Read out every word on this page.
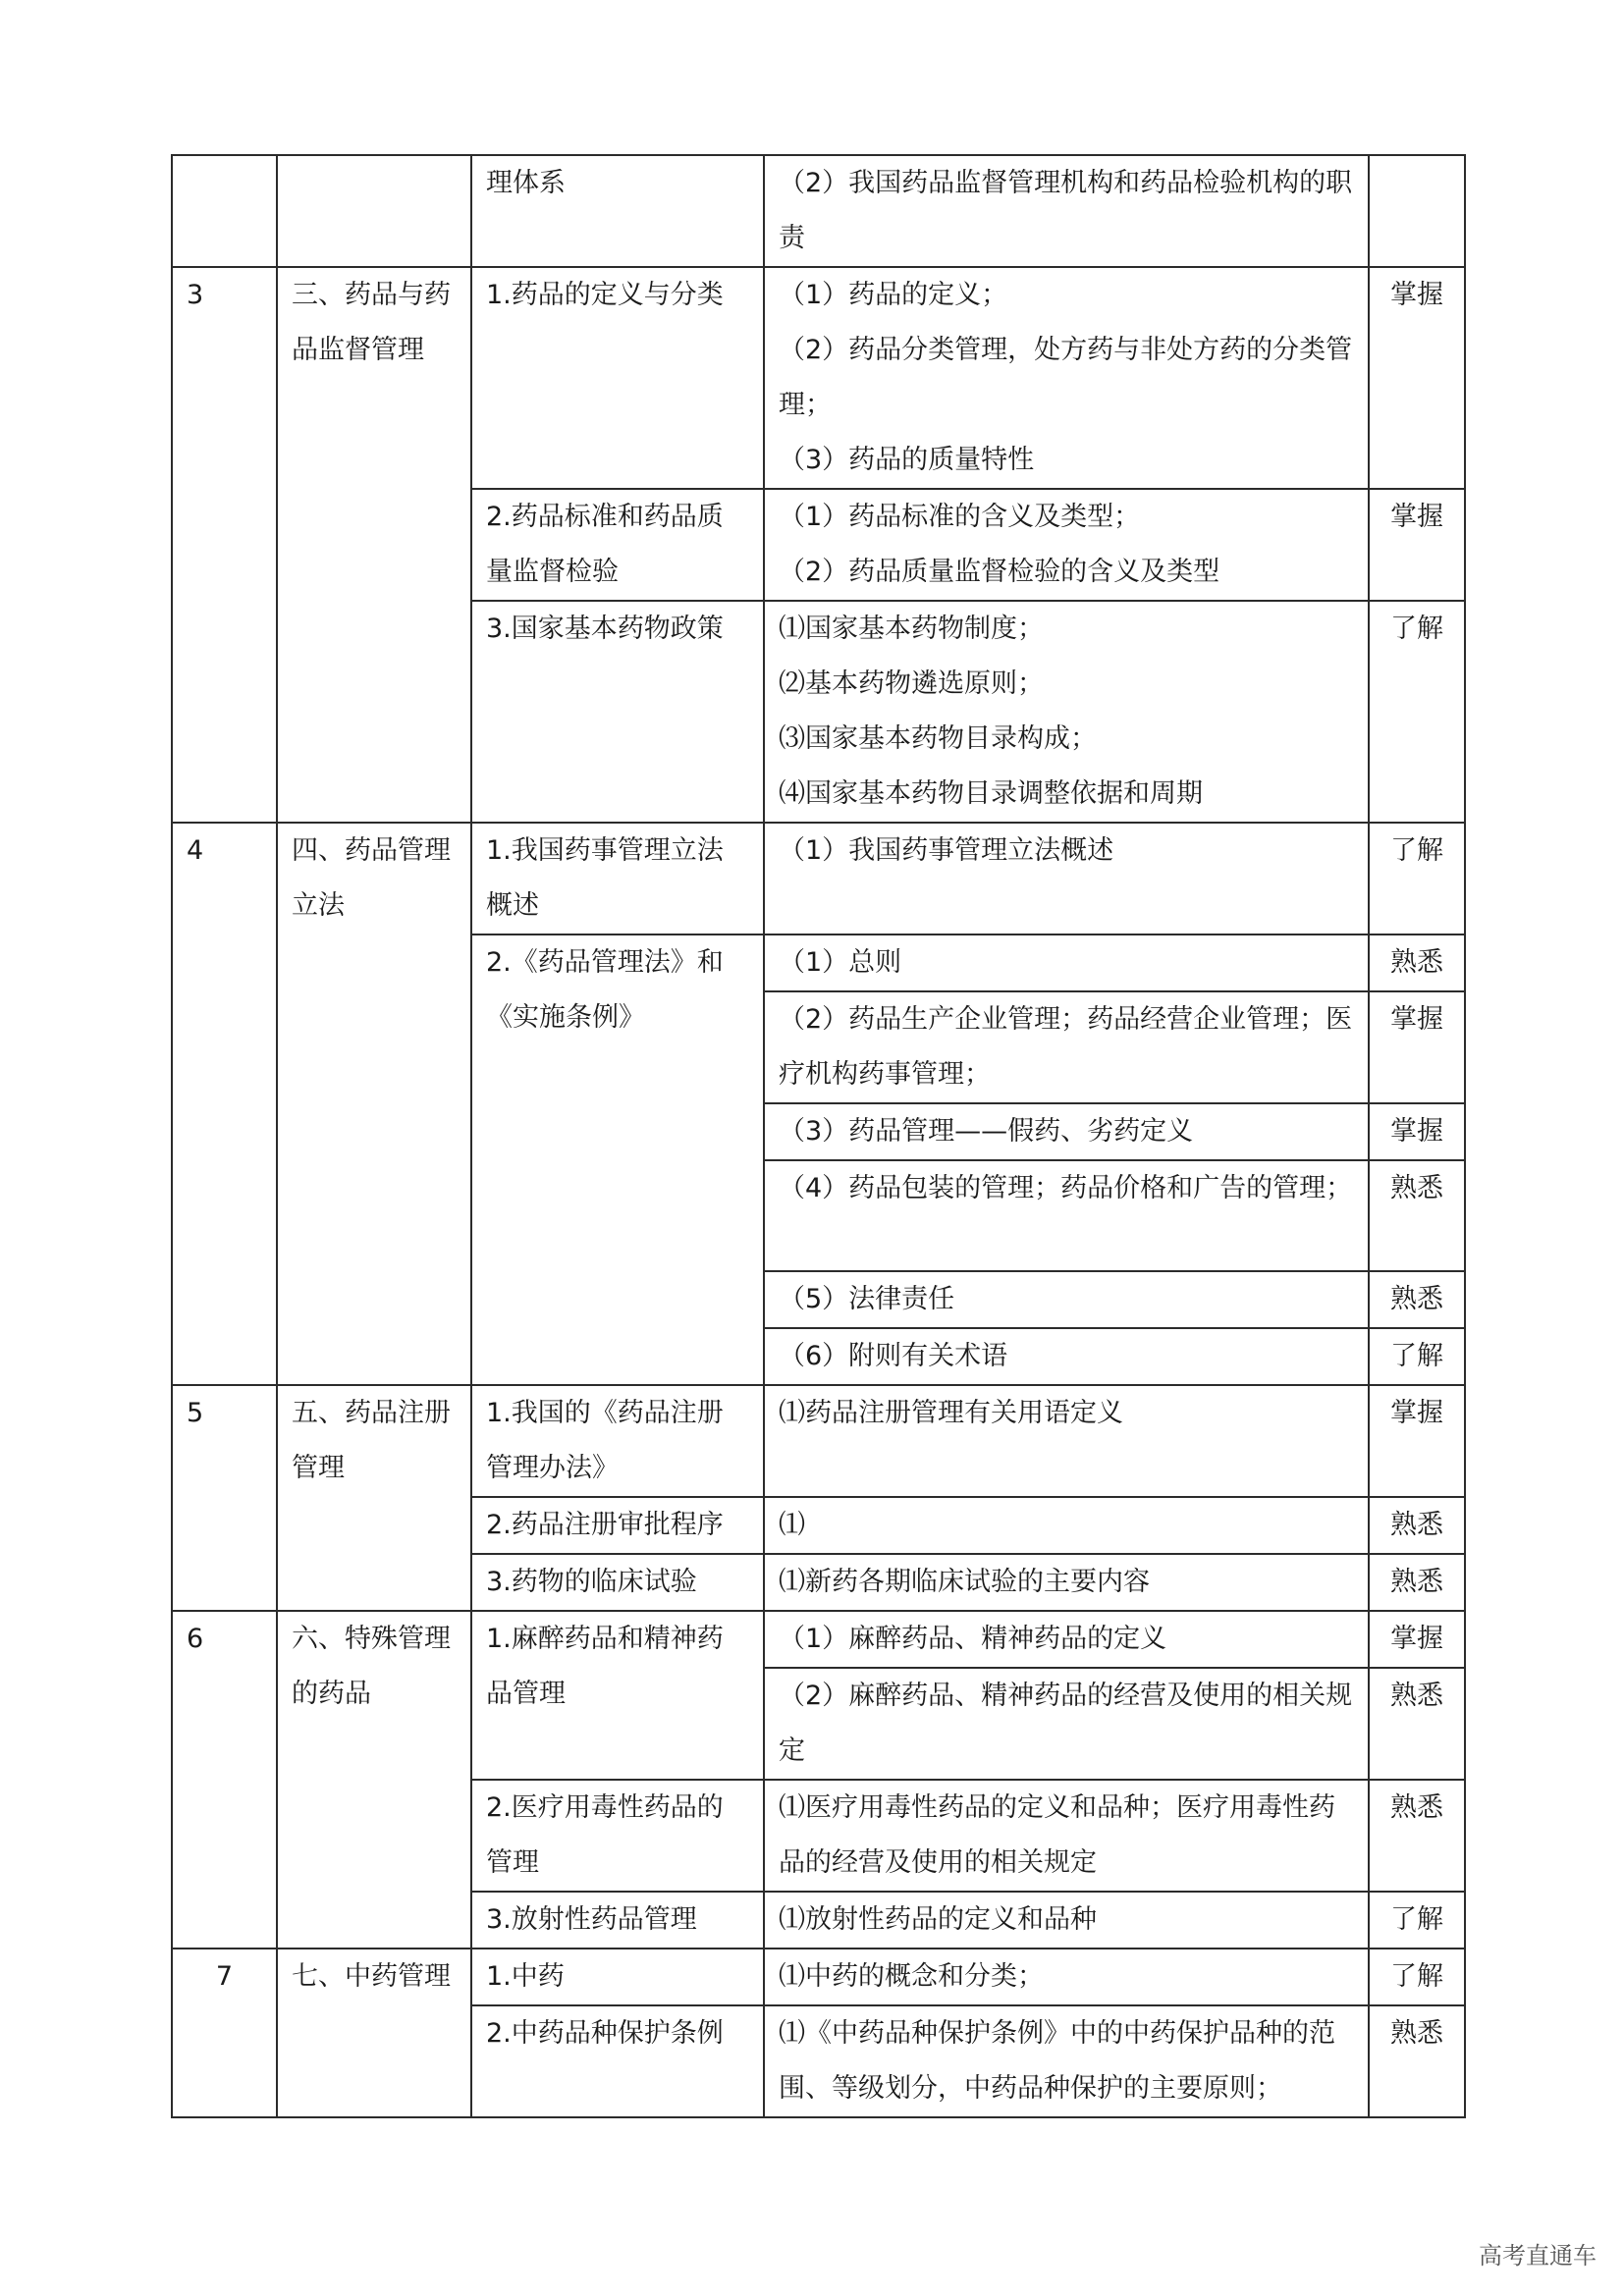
		理体系	（2）我国药品监督管理机构和药品检验机构的职责	

3	三、药品与药品监督管理	1.药品的定义与分类	（1）药品的定义；
（2）药品分类管理，处方药与非处方药的分类管理；
（3）药品的质量特性	掌握
		2.药品标准和药品质量监督检验	（1）药品标准的含义及类型；
（2）药品质量监督检验的含义及类型	掌握
		3.国家基本药物政策	⑴国家基本药物制度；
⑵基本药物遴选原则；
⑶国家基本药物目录构成；
⑷国家基本药物目录调整依据和周期	了解
4	四、药品管理立法	1.我国药事管理立法概述	（1）我国药事管理立法概述	了解
		2.《药品管理法》和《实施条例》	（1）总则	熟悉

			（2）药品生产企业管理；药品经营企业管理；医疗机构药事管理；	掌握

			（3）药品管理——假药、劣药定义	掌握

			（4）药品包装的管理；药品价格和广告的管理；	熟悉

			（5）法律责任	熟悉

			（6）附则有关术语	了解
5	五、药品注册管理	1.我国的《药品注册管理办法》	⑴药品注册管理有关用语定义	掌握
		2.药品注册审批程序	⑴	熟悉
		3.药物的临床试验	⑴新药各期临床试验的主要内容	熟悉
6	六、特殊管理的药品	1.麻醉药品和精神药品管理	（1）麻醉药品、精神药品的定义	掌握

			（2）麻醉药品、精神药品的经营及使用的相关规定	熟悉
		2.医疗用毒性药品的管理	⑴医疗用毒性药品的定义和品种；医疗用毒性药品的经营及使用的相关规定	熟悉
		3.放射性药品管理	⑴放射性药品的定义和品种	了解
7	七、中药管理	1.中药	⑴中药的概念和分类；	了解
		2.中药品种保护条例	⑴《中药品种保护条例》中的中药保护品种的范围、等级划分，中药品种保护的主要原则；	熟悉
高考直通车
